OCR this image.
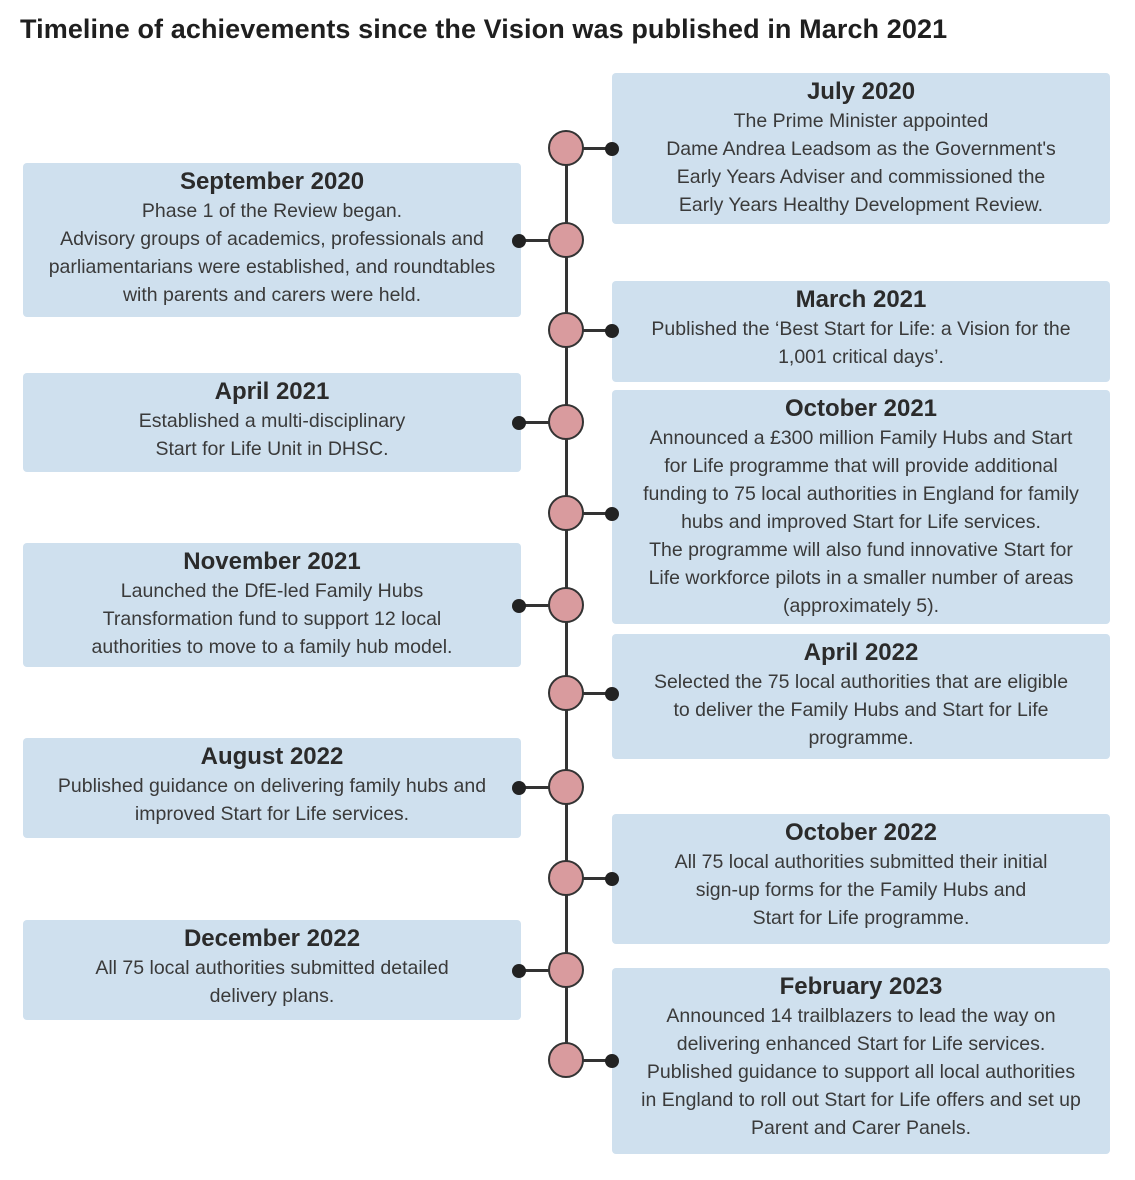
Timeline of achievements since the Vision was published in March 2021
July 2020
The Prime Minister appointed
Dame Andrea Leadsom as the Government's
Early Years Adviser and commissioned the
Early Years Healthy Development Review.
September 2020
Phase 1 of the Review began.
Advisory groups of academics, professionals and
parliamentarians were established, and roundtables
with parents and carers were held.	March 2021
Published the ‘Best Start for Life: a Vision for the
1,001 critical days’.
April 2021
Established a multi-disciplinary
Start for Life Unit in DHSC.
October 2021
Announced a £300 million Family Hubs and Start
for Life programme that will provide additional
funding to 75 local authorities in England for family
hubs and improved Start for Life services.
The programme will also fund innovative Start for
Life workforce pilots in a smaller number of areas
(approximately 5).
November 2021
Launched the DfE-led Family Hubs
Transformation fund to support 12 local
authorities to move to a family hub model.	April 2022
Selected the 75 local authorities that are eligible
to deliver the Family Hubs and Start for Life
programme.
August 2022
Published guidance on delivering family hubs and
improved Start for Life services.
October 2022
All 75 local authorities submitted their initial
sign-up forms for the Family Hubs and
Start for Life programme.
December 2022
All 75 local authorities submitted detailed
delivery plans.	February 2023
Announced 14 trailblazers to lead the way on
delivering enhanced Start for Life services.
Published guidance to support all local authorities
in England to roll out Start for Life offers and set up
Parent and Carer Panels.
